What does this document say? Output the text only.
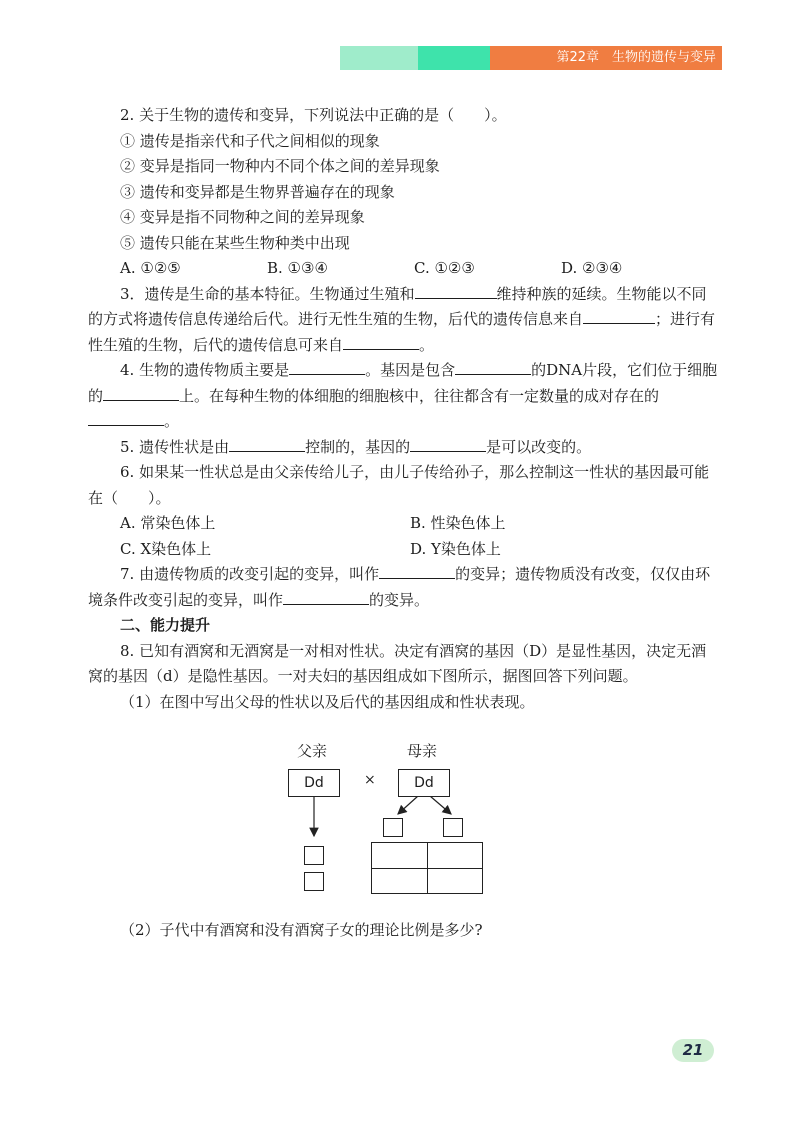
第22章　生物的遗传与变异

2. 关于生物的遗传和变异，下列说法中正确的是（　　）。

① 遗传是指亲代和子代之间相似的现象

② 变异是指同一物种内不同个体之间的差异现象

③ 遗传和变异都是生物界普遍存在的现象

④ 变异是指不同物种之间的差异现象

⑤ 遗传只能在某些生物种类中出现

A. ①②⑤	B. ①③④	C. ①②③	D. ②③④

3．遗传是生命的基本特征。生物通过生殖和	维持种族的延续。生物能以不同的方式将遗传信息传递给后代。进行无性生殖的生物，后代的遗传信息来自	；进行有性生殖的生物，后代的遗传信息可来自	。

4. 生物的遗传物质主要是	。基因是包含	的DNA片段，它们位于细胞的	上。在每种生物的体细胞的细胞核中，往往都含有一定数量的成对存在的。

5. 遗传性状是由	控制的，基因的	是可以改变的。

6. 如果某一性状总是由父亲传给儿子，由儿子传给孙子，那么控制这一性状的基因最可能在（　　）。

A. 常染色体上	B. 性染色体上
C. X染色体上	D. Y染色体上

7. 由遗传物质的改变引起的变异，叫作	的变异；遗传物质没有改变，仅仅由环境条件改变引起的变异，叫作	的变异。

二、能力提升

8. 已知有酒窝和无酒窝是一对相对性状。决定有酒窝的基因（D）是显性基因，决定无酒窝的基因（d）是隐性基因。一对夫妇的基因组成如下图所示，据图回答下列问题。

（1）在图中写出父母的性状以及后代的基因组成和性状表现。

父亲	母亲
Dd	×	Dd

（2）子代中有酒窝和没有酒窝子女的理论比例是多少?

21
